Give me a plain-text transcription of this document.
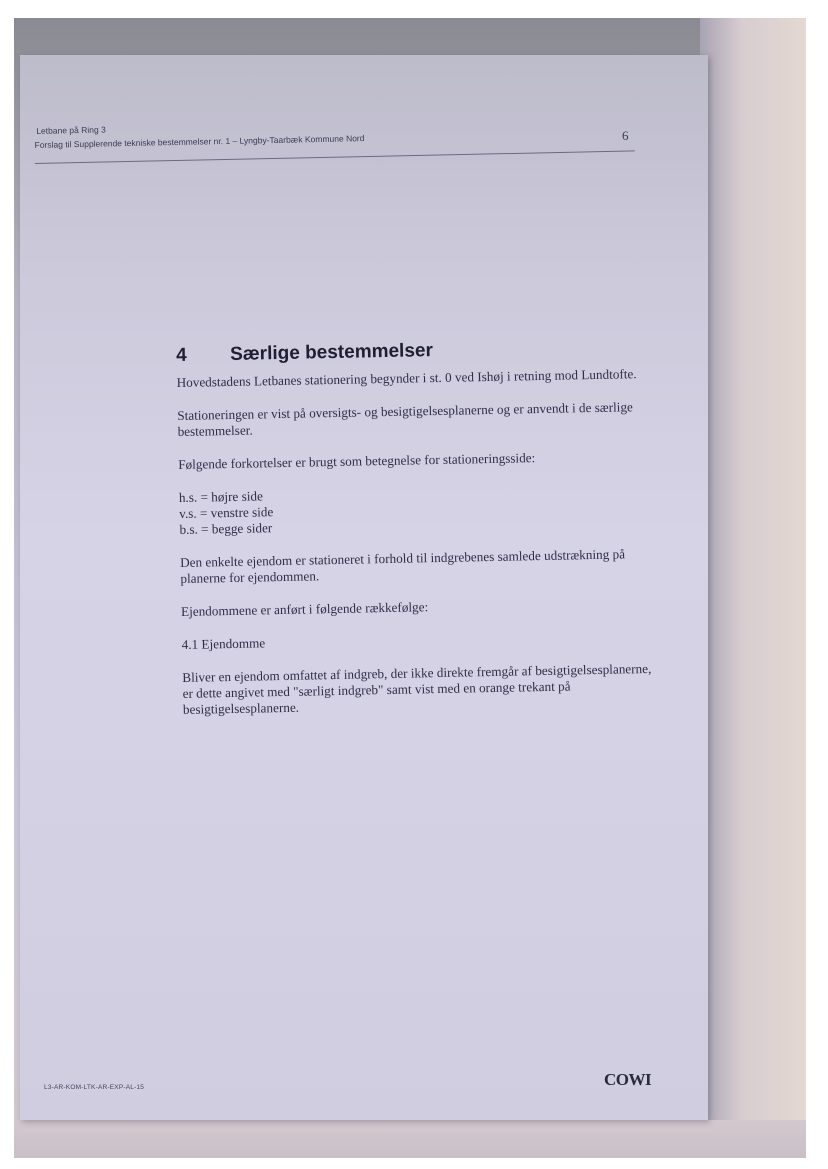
Letbane på Ring 3
Forslag til Supplerende tekniske bestemmelser nr. 1 – Lyngby-Taarbæk Kommune Nord	6
4	Særlige bestemmelser

Hovedstadens Letbanes stationering begynder i st. 0 ved Ishøj i retning mod Lundtofte.

Stationeringen er vist på oversigts- og besigtigelsesplanerne og er anvendt i de særlige bestemmelser.

Følgende forkortelser er brugt som betegnelse for stationeringsside:

h.s. = højre side
v.s. = venstre side
b.s. = begge sider

Den enkelte ejendom er stationeret i forhold til indgrebenes samlede udstrækning på planerne for ejendommen.

Ejendommene er anført i følgende rækkefølge:

4.1 Ejendomme

Bliver en ejendom omfattet af indgreb, der ikke direkte fremgår af besigtigelsesplanerne, er dette angivet med "særligt indgreb" samt vist med en orange trekant på besigtigelsesplanerne.

L3-AR-KOM-LTK-AR-EXP-AL-15	COWI
